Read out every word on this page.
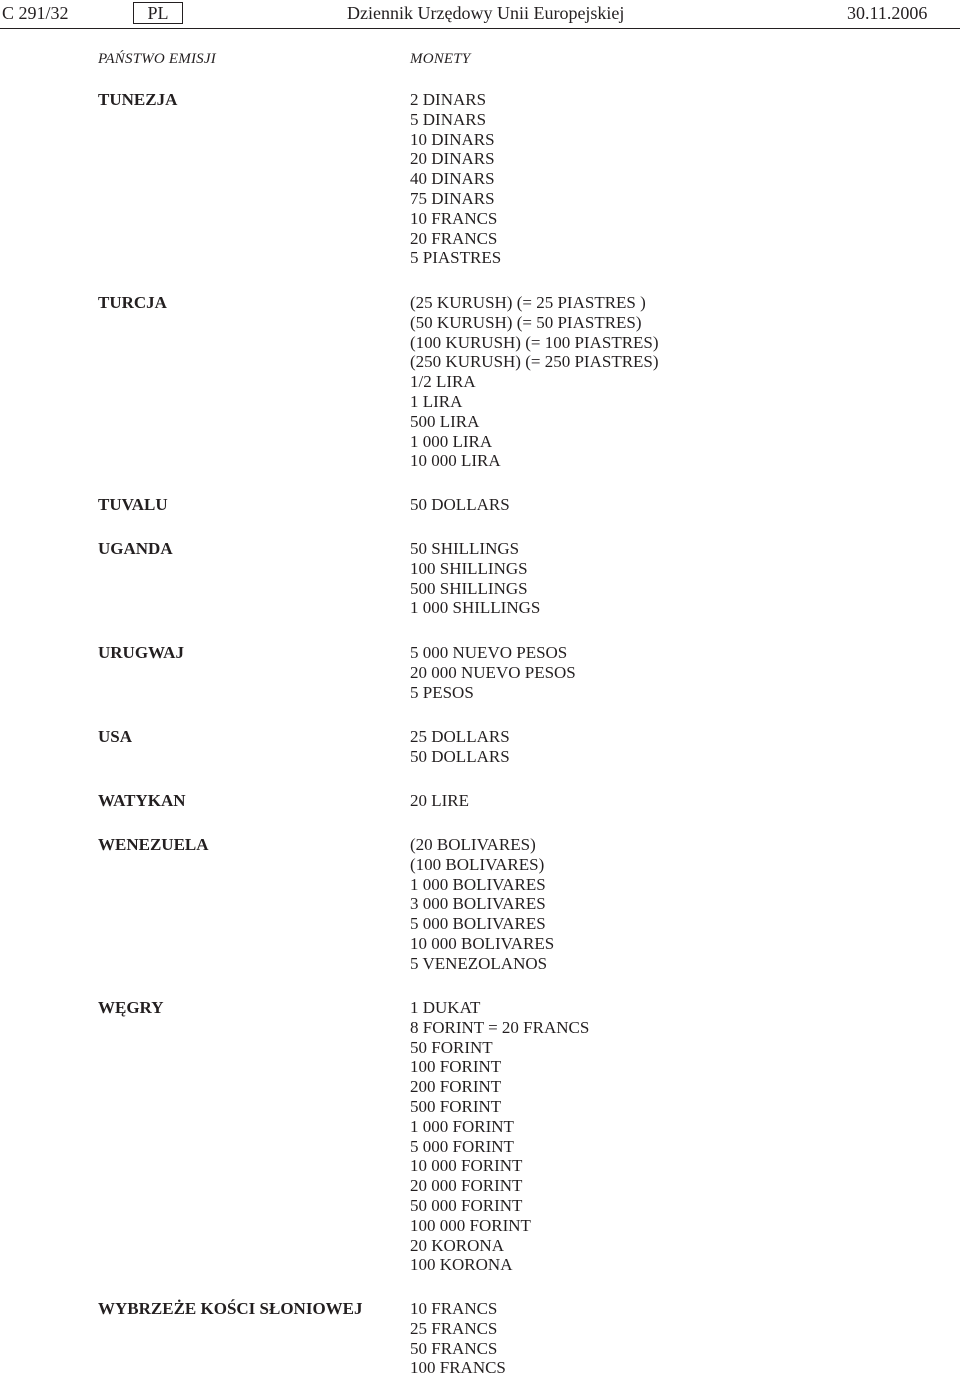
C 291/32	PL	Dziennik Urzędowy Unii Europejskiej	30.11.2006
PAŃSTWO EMISJI	MONETY
TUNEZJA	2 DINARS
5 DINARS
10 DINARS
20 DINARS
40 DINARS
75 DINARS
10 FRANCS
20 FRANCS
5 PIASTRES
TURCJA	(25 KURUSH) (= 25 PIASTRES )
(50 KURUSH) (= 50 PIASTRES)
(100 KURUSH) (= 100 PIASTRES)
(250 KURUSH) (= 250 PIASTRES)
1/2 LIRA
1 LIRA
500 LIRA
1 000 LIRA
10 000 LIRA
TUVALU	50 DOLLARS
UGANDA	50 SHILLINGS
100 SHILLINGS
500 SHILLINGS
1 000 SHILLINGS
URUGWAJ	5 000 NUEVO PESOS
20 000 NUEVO PESOS
5 PESOS
USA	25 DOLLARS
50 DOLLARS
WATYKAN	20 LIRE
WENEZUELA	(20 BOLIVARES)
(100 BOLIVARES)
1 000 BOLIVARES
3 000 BOLIVARES
5 000 BOLIVARES
10 000 BOLIVARES
5 VENEZOLANOS
WĘGRY	1 DUKAT
8 FORINT = 20 FRANCS
50 FORINT
100 FORINT
200 FORINT
500 FORINT
1 000 FORINT
5 000 FORINT
10 000 FORINT
20 000 FORINT
50 000 FORINT
100 000 FORINT
20 KORONA
100 KORONA
WYBRZEŻE KOŚCI SŁONIOWEJ	10 FRANCS
25 FRANCS
50 FRANCS
100 FRANCS
